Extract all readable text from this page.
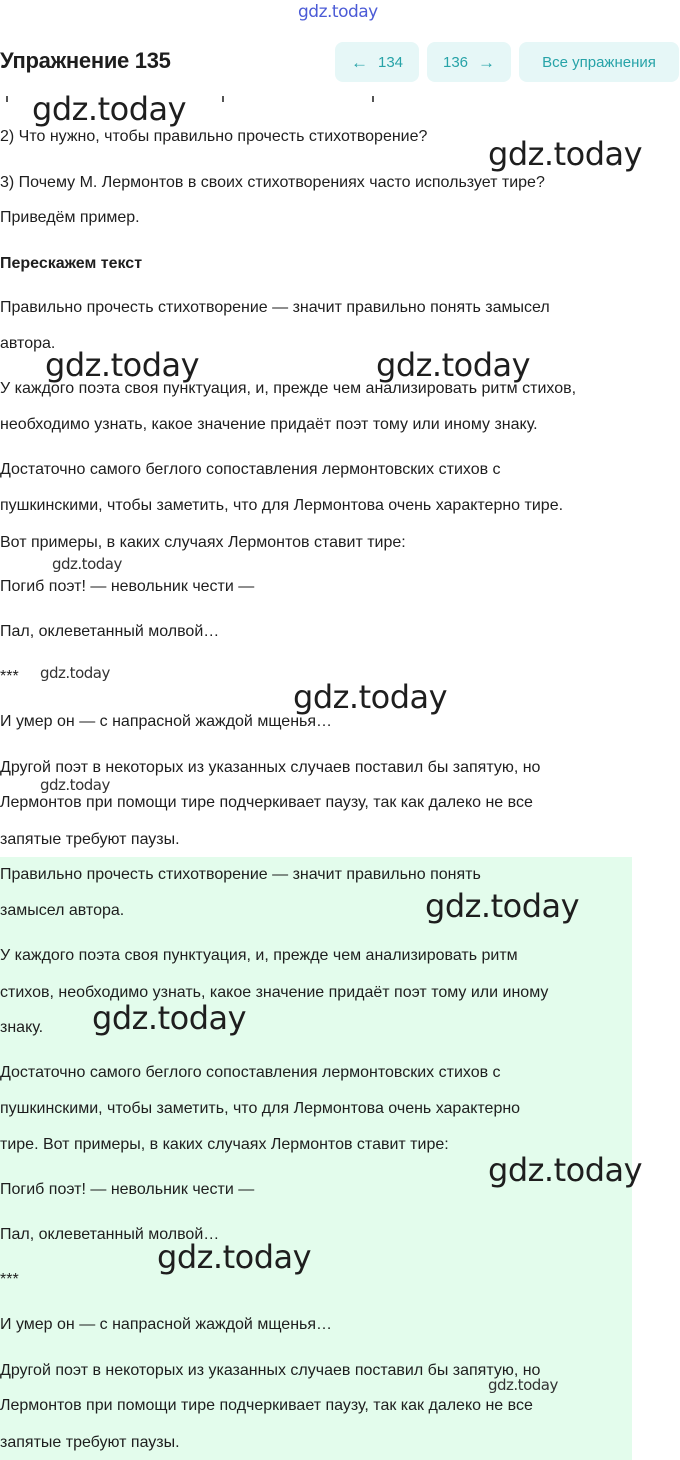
gdz.today
Упражнение 135	← 134	136 →	Все упражнения
2) Что нужно, чтобы правильно прочесть стихотворение?
3) Почему М. Лермонтов в своих стихотворениях часто использует тире?
Приведём пример.
Перескажем текст
Правильно прочесть стихотворение — значит правильно понять замысел
автора.
У каждого поэта своя пунктуация, и, прежде чем анализировать ритм стихов,
необходимо узнать, какое значение придаёт поэт тому или иному знаку.
Достаточно самого беглого сопоставления лермонтовских стихов с
пушкинскими, чтобы заметить, что для Лермонтова очень характерно тире.
Вот примеры, в каких случаях Лермонтов ставит тире:
Погиб поэт! — невольник чести —
Пал, оклеветанный молвой…
***
И умер он — с напрасной жаждой мщенья…
Другой поэт в некоторых из указанных случаев поставил бы запятую, но
Лермонтов при помощи тире подчеркивает паузу, так как далеко не все
запятые требуют паузы.
Правильно прочесть стихотворение — значит правильно понять
замысел автора.
У каждого поэта своя пунктуация, и, прежде чем анализировать ритм
стихов, необходимо узнать, какое значение придаёт поэт тому или иному
знаку.
Достаточно самого беглого сопоставления лермонтовских стихов с
пушкинскими, чтобы заметить, что для Лермонтова очень характерно
тире. Вот примеры, в каких случаях Лермонтов ставит тире:
Погиб поэт! — невольник чести —
Пал, оклеветанный молвой…
***
И умер он — с напрасной жаждой мщенья…
Другой поэт в некоторых из указанных случаев поставил бы запятую, но
Лермонтов при помощи тире подчеркивает паузу, так как далеко не все
запятые требуют паузы.
gdz.today
gdz.today
gdz.today	gdz.today
gdz.today
gdz.today
gdz.today
gdz.today
gdz.today
gdz.today
gdz.today
gdz.today
gdz.today
